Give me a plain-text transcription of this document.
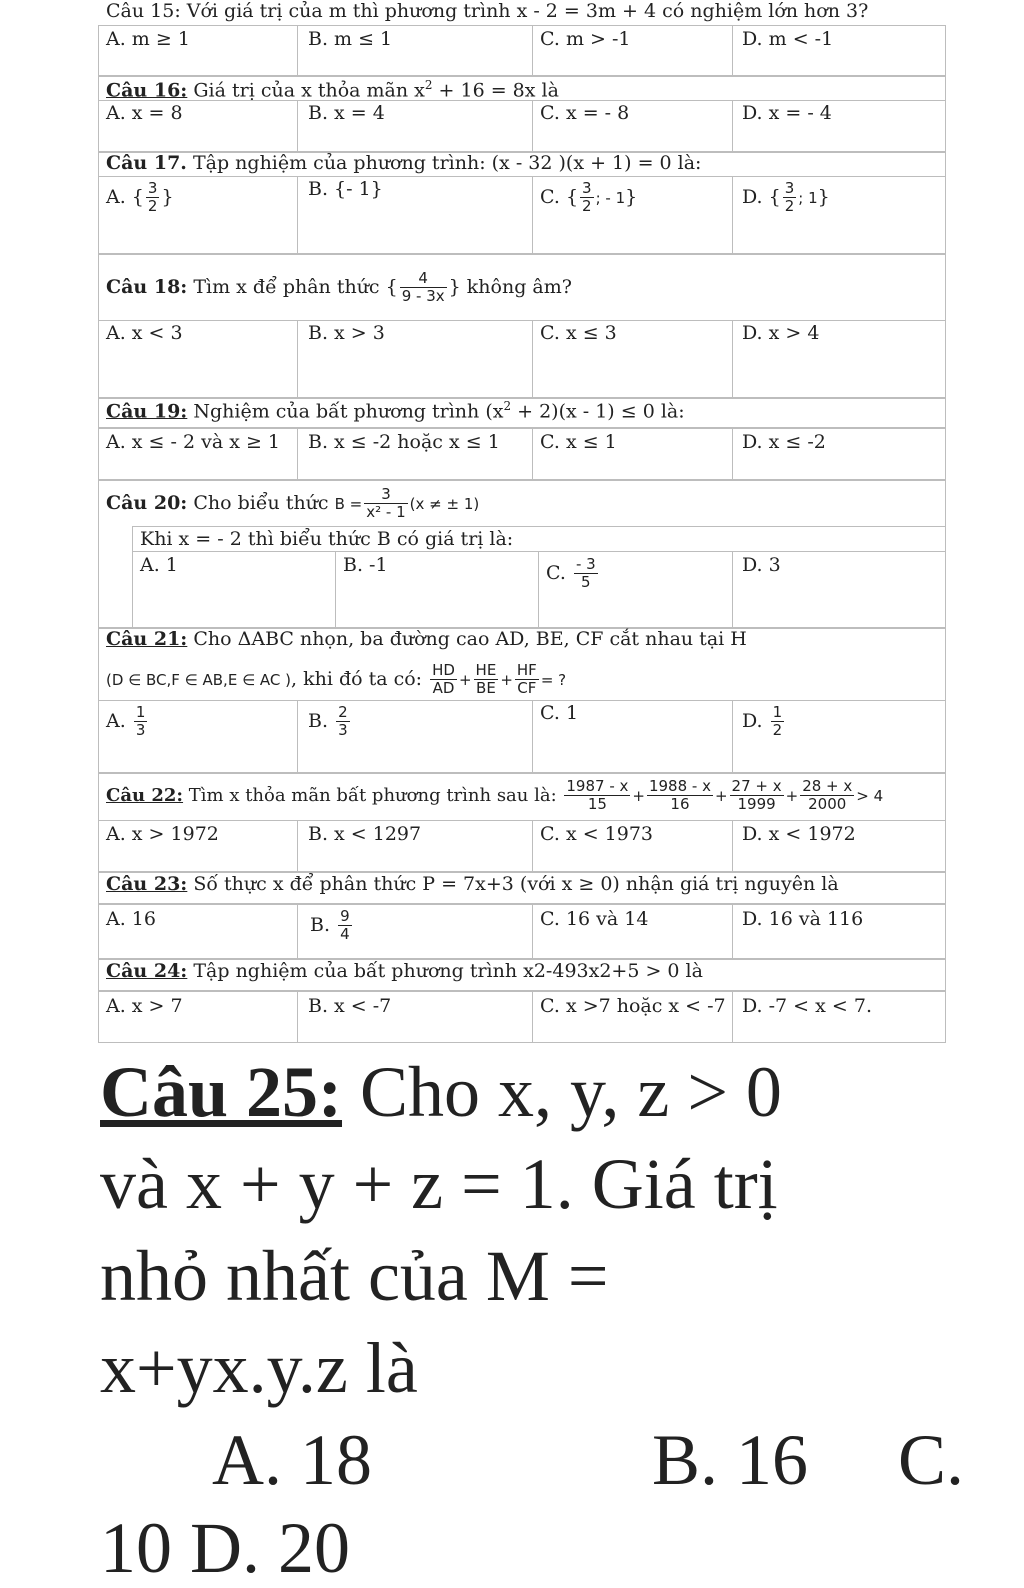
Câu 15: Với giá trị của m thì phương trình x - 2 = 3m + 4 có nghiệm lớn hơn 3?
A. m ≥ 1	B. m ≤ 1	C. m > -1	D. m < -1
Câu 16: Giá trị của x thỏa mãn $x^2 + 16 = 8x$ là
A. x = 8	B. x = 4	C. x = - 8	D. x = - 4
Câu 17. Tập nghiệm của phương trình: (x - 32 )(x + 1) = 0 là:
A. { $\frac{3}{2}$ }	B. {- 1}	C. { $\frac{3}{2}$ ; - 1}	D. { $\frac{3}{2}$ ; 1}
Câu 18: Tìm x để phân thức { $\frac{4}{9 - 3x}$ } không âm?
A. x < 3	B. x > 3	C. x ≤ 3	D. x > 4
Câu 19: Nghiệm của bất phương trình $(x^2 + 2)(x - 1) \le 0$ là:
A. x ≤ - 2 và x ≥ 1 B. x ≤ -2 hoặc x ≤ 1 C. x ≤ 1	D. x ≤ -2
Câu 20: Cho biểu thức $B = \frac{3}{\text{x² - 1}} (x$ ≠ ± 1)
Khi x = - 2 thì biểu thức B có giá trị là:
A. 1	B. -1	C. $\frac{- 3}{5}$	D. 3
Câu 21: Cho ΔABC nhọn, ba đường cao AD, BE, CF cắt nhau tại H
(D ∈ BC,F ∈ AB,E ∈ AC ), khi đó ta có: $\frac{HD}{AD} + \frac{HE}{BE} + \frac{HF}{CF}$ = ?
A. $\frac{1}{3}$	B. $\frac{2}{3}$	C. 1	D. $\frac{1}{2}$
Câu 22: Tìm x thỏa mãn bất phương trình sau là: $\frac{1987 - x}{15} + \frac{1988 - x}{16} + \frac{27 + x}{1999} + \frac{28 + x}{2000} > 4$
A. x > 1972	B. x < 1297	C. x < 1973	D. x < 1972
Câu 23: Số thực x để phân thức P = 7x+3 (với x ≥ 0) nhận giá trị nguyên là
A. 16	B. $\frac{9}{4}$	C. 16 và 14	D. 16 và 116
Câu 24: Tập nghiệm của bất phương trình x2-493x2+5 > 0 là
A. x > 7	B. x < -7	C. x >7 hoặc x < -7 D. -7 < x < 7.
Câu 25: Cho x, y, z > 0
và x + y + z = 1. Giá trị
nhỏ nhất của M =
x+yx.y.z là
A. 18	B. 16 C.
10 D. 20
